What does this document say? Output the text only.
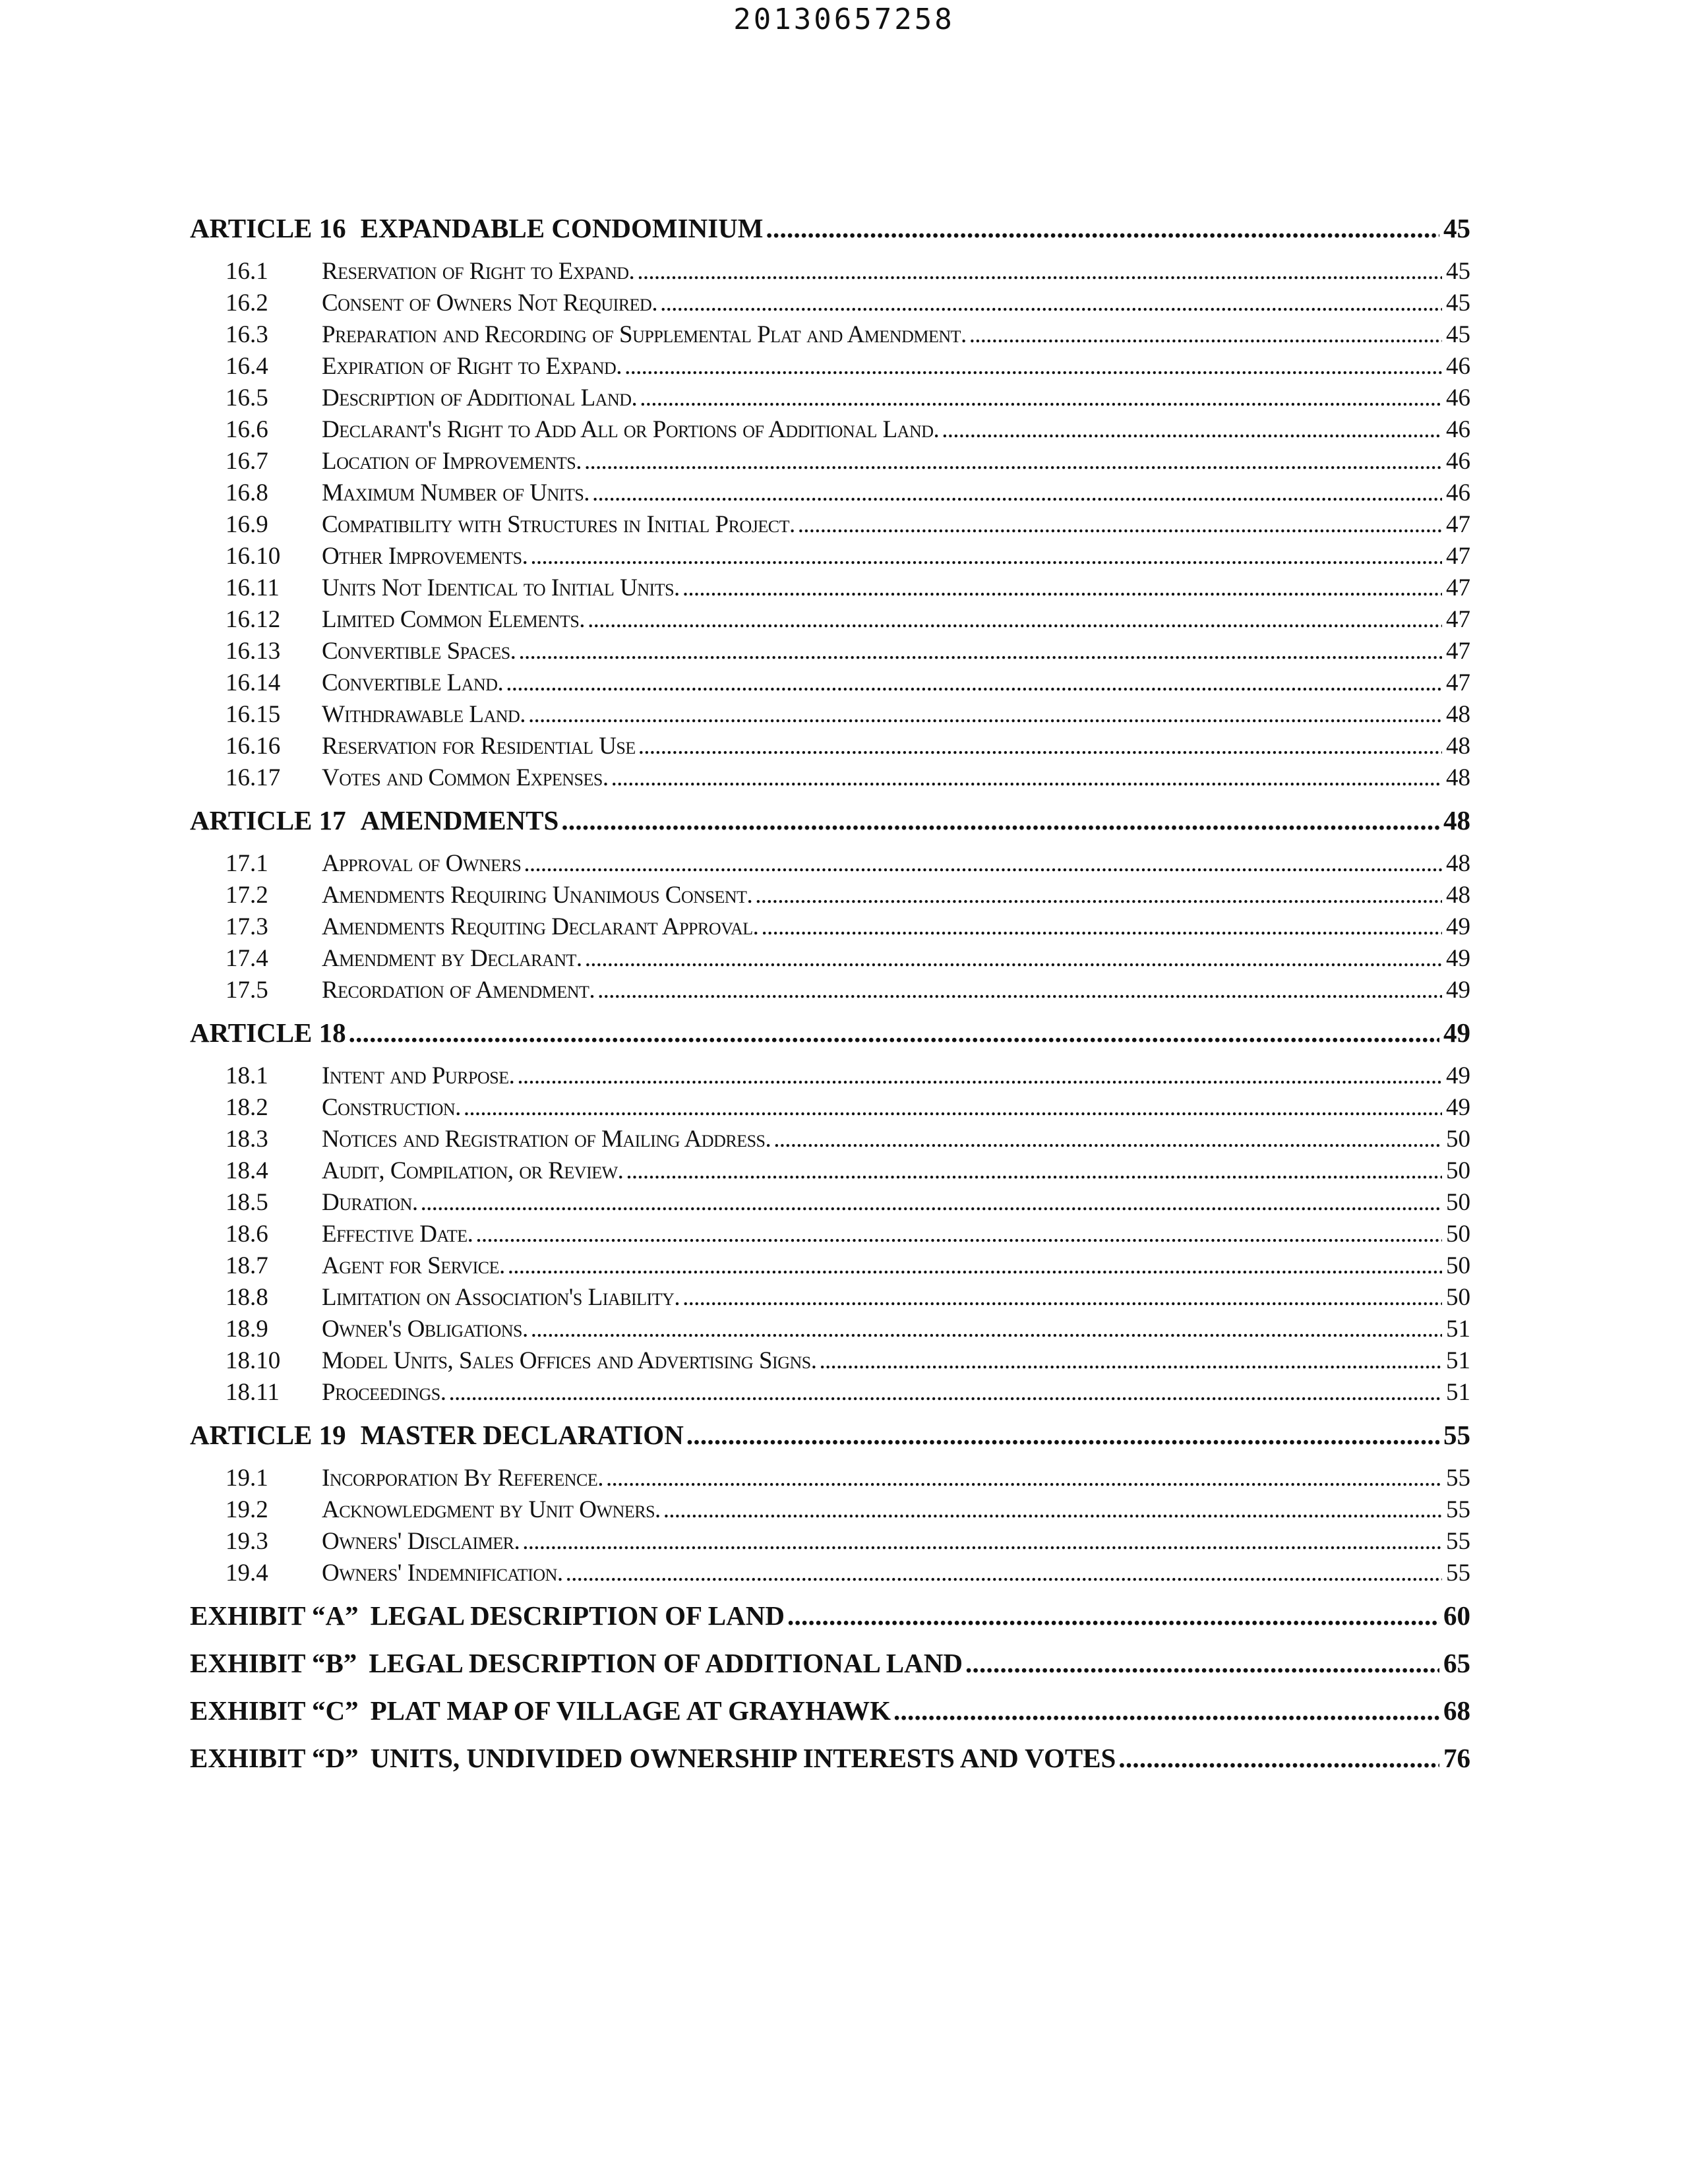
20130657258
ARTICLE 16 EXPANDABLE CONDOMINIUM . . .	45
16.1	Reservation of Right to Expand. . . .	45
16.2	Consent of Owners Not Required. . . .	45
16.3	Preparation and Recording of Supplemental Plat and Amendment. . . .	45
16.4	Expiration of Right to Expand. . . .	46
16.5	Description of Additional Land. . . .	46
16.6	Declarant's Right to Add All or Portions of Additional Land. . . .	46
16.7	Location of Improvements. . . .	46
16.8	Maximum Number of Units. . . .	46
16.9	Compatibility with Structures in Initial Project. . . .	47
16.10	Other Improvements. . . .	47
16.11	Units Not Identical to Initial Units. . . .	47
16.12	Limited Common Elements. . . .	47
16.13	Convertible Spaces. . . .	47
16.14	Convertible Land. . . .	47
16.15	Withdrawable Land. . . .	48
16.16	Reservation for Residential Use . . .	48
16.17	Votes and Common Expenses. . . .	48
ARTICLE 17 AMENDMENTS . . .	48
17.1	Approval of Owners . . .	48
17.2	Amendments Requiring Unanimous Consent. . . .	48
17.3	Amendments Requiting Declarant Approval. . . .	49
17.4	Amendment by Declarant. . . .	49
17.5	Recordation of Amendment. . . .	49
ARTICLE 18 . . .	49
18.1	Intent and Purpose. . . .	49
18.2	Construction. . . .	49
18.3	Notices and Registration of Mailing Address. . . .	50
18.4	Audit, Compilation, or Review. . . .	50
18.5	Duration. . . .	50
18.6	Effective Date. . . .	50
18.7	Agent for Service. . . .	50
18.8	Limitation on Association's Liability. . . .	50
18.9	Owner's Obligations. . . .	51
18.10	Model Units, Sales Offices and Advertising Signs. . . .	51
18.11	Proceedings. . . .	51
ARTICLE 19 MASTER DECLARATION . . .	55
19.1	Incorporation By Reference. . . .	55
19.2	Acknowledgment by Unit Owners. . . .	55
19.3	Owners' Disclaimer. . . .	55
19.4	Owners' Indemnification. . . .	55
EXHIBIT “A” LEGAL DESCRIPTION OF LAND . . .	60
EXHIBIT “B” LEGAL DESCRIPTION OF ADDITIONAL LAND . . .	65
EXHIBIT “C” PLAT MAP OF VILLAGE AT GRAYHAWK . . .	68
EXHIBIT “D” UNITS, UNDIVIDED OWNERSHIP INTERESTS AND VOTES . . .	76
